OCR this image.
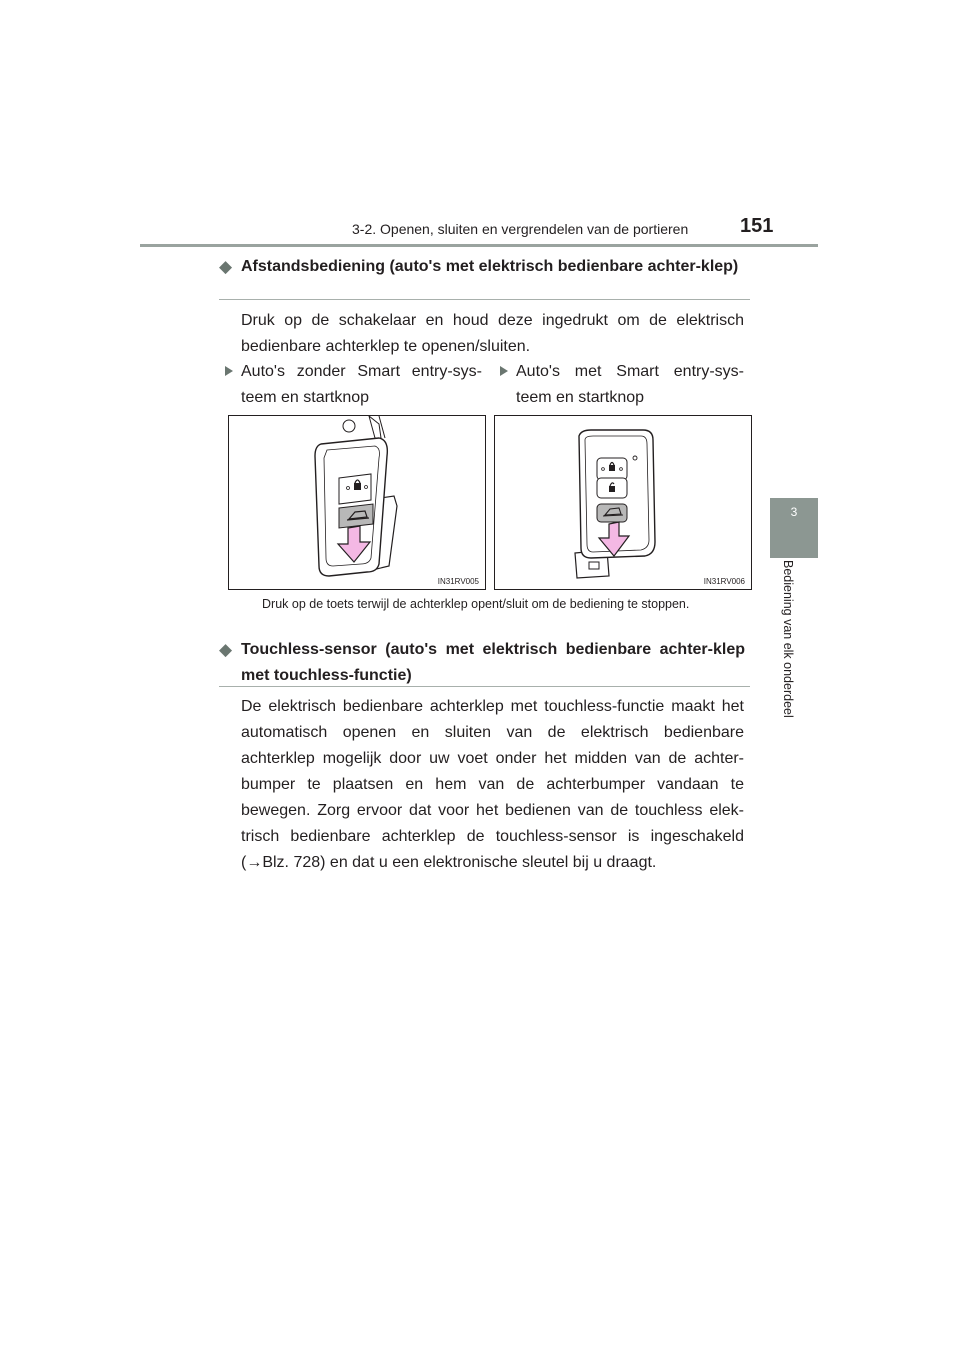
3-2. Openen, sluiten en vergrendelen van de portieren	151
3
Bediening van elk onderdeel
◆ Afstandsbediening (auto's met elektrisch bedienbare achter-klep)
Druk op de schakelaar en houd deze ingedrukt om de elektrisch bedienbare achterklep te openen/sluiten.
Auto's zonder Smart entry-sys-teem en startknop
Auto's met Smart entry-sys-teem en startknop
IN31RV005	IN31RV006
Druk op de toets terwijl de achterklep opent/sluit om de bediening te stoppen.
◆ Touchless-sensor (auto's met elektrisch bedienbare achter-klep met touchless-functie)
De elektrisch bedienbare achterklep met touchless-functie maakt het automatisch openen en sluiten van de elektrisch bedienbare achterklep mogelijk door uw voet onder het midden van de achter-bumper te plaatsen en hem van de achterbumper vandaan te bewegen. Zorg ervoor dat voor het bedienen van de touchless elek-trisch bedienbare achterklep de touchless-sensor is ingeschakeld (→Blz. 728) en dat u een elektronische sleutel bij u draagt.
